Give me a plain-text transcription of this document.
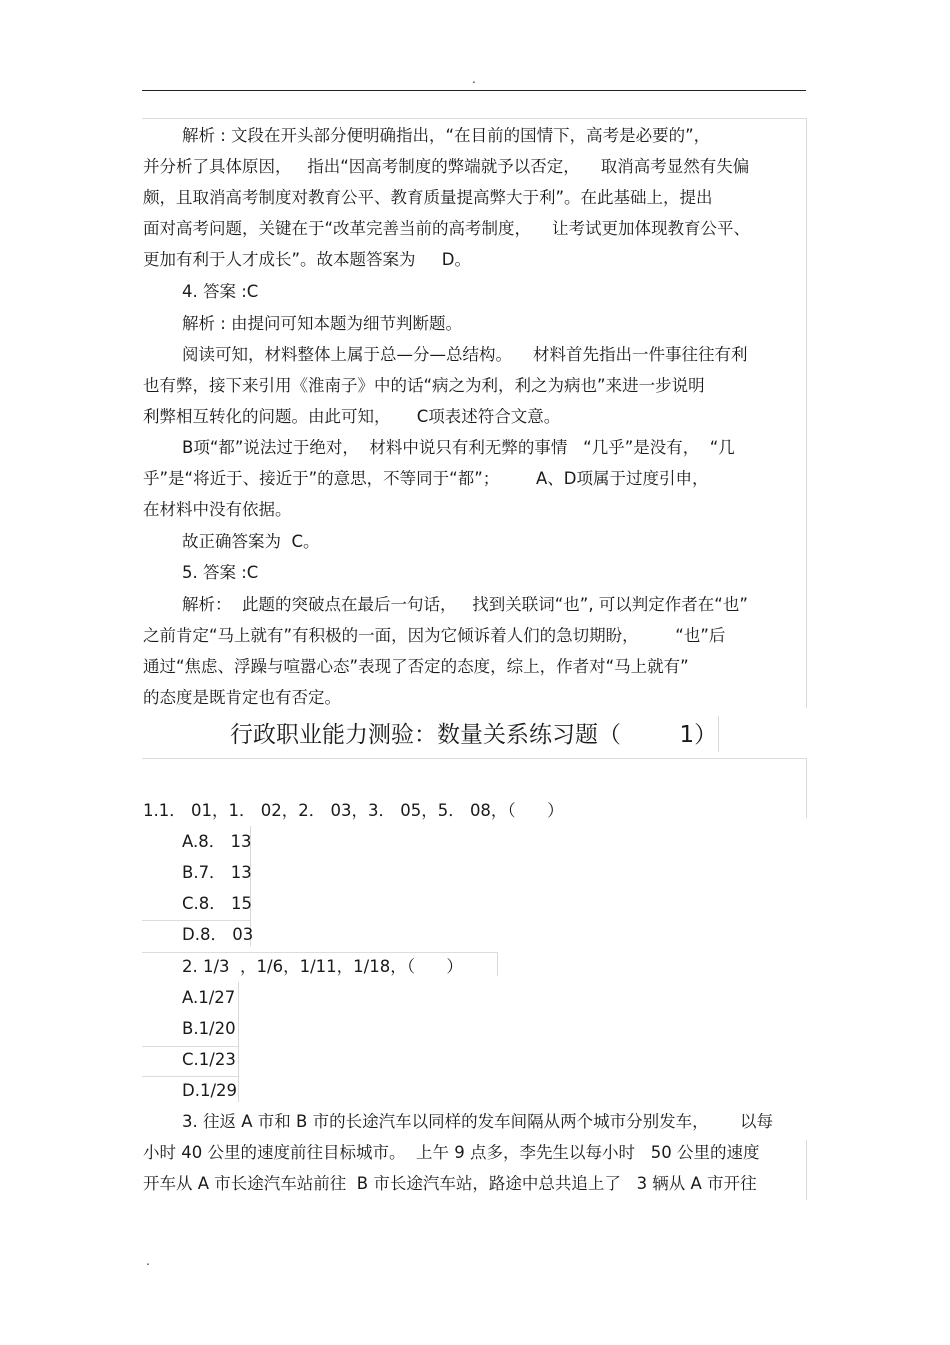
.
解析 : 文段在开头部分便明确指出，“在目前的国情下，高考是必要的”，
并分析了具体原因，   指出“因高考制度的弊端就予以否定，    取消高考显然有失偏
颇，且取消高考制度对教育公平、教育质量提高弊大于利”。在此基础上，提出
面对高考问题，关键在于“改革完善当前的高考制度，    让考试更加体现教育公平、
更加有利于人才成长”。故本题答案为     D。
4. 答案 :C
解析 : 由提问可知本题为细节判断题。
阅读可知，材料整体上属于总—分—总结构。    材料首先指出一件事往往有利
也有弊，接下来引用《淮南子》中的话“病之为利，利之为病也”来进一步说明
利弊相互转化的问题。由此可知，     C项表述符合文意。
B项“都”说法过于绝对，  材料中说只有利无弊的事情   “几乎”是没有，  “几
乎”是“将近于、接近于”的意思，不等同于“都”；       A、D项属于过度引申，
在材料中没有依据。
故正确答案为  C。
5. 答案 :C
解析：  此题的突破点在最后一句话，   找到关联词“也”, 可以判定作者在“也”
之前肯定“马上就有”有积极的一面，因为它倾诉着人们的急切期盼，       “也”后
通过“焦虑、浮躁与喧嚣心态”表现了否定的态度，综上，作者对“马上就有”
的态度是既肯定也有否定。
行政职业能力测验：数量关系练习题（        1）
1.1． 01，1． 02，2． 03，3． 05，5． 08，（      ）
A.8． 13
B.7． 13
C.8． 15
D.8． 03
2. 1/3  ，1/6，1/11，1/18，（      ）
A.1/27
B.1/20
C.1/23
D.1/29
3. 往返 A 市和 B 市的长途汽车以同样的发车间隔从两个城市分别发车，      以每
小时 40 公里的速度前往目标城市。  上午 9 点多，李先生以每小时   50 公里的速度
开车从 A 市长途汽车站前往  B 市长途汽车站，路途中总共追上了   3 辆从 A 市开往
.
